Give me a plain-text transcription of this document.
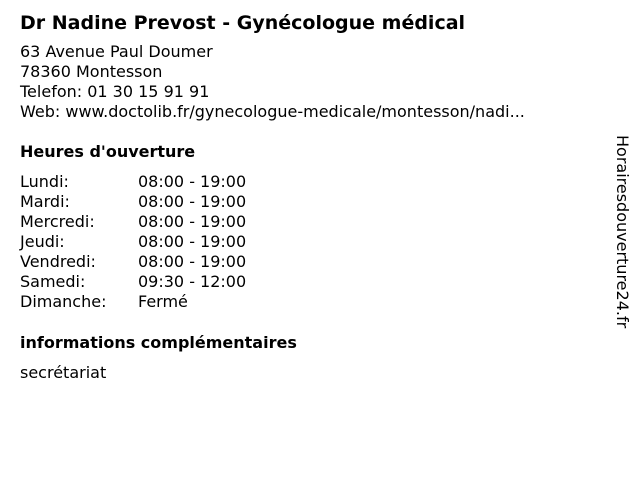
Dr Nadine Prevost - Gynécologue médical
63 Avenue Paul Doumer
78360 Montesson
Telefon: 01 30 15 91 91
Web: www.doctolib.fr/gynecologue-medicale/montesson/nadi...
Heures d'ouverture
Lundi:	08:00 - 19:00
Mardi:	08:00 - 19:00
Mercredi:	08:00 - 19:00
Jeudi:	08:00 - 19:00
Vendredi:	08:00 - 19:00
Samedi:	09:30 - 12:00
Dimanche:	Fermé
informations complémentaires
secrétariat
Horairesdouverture24.fr
